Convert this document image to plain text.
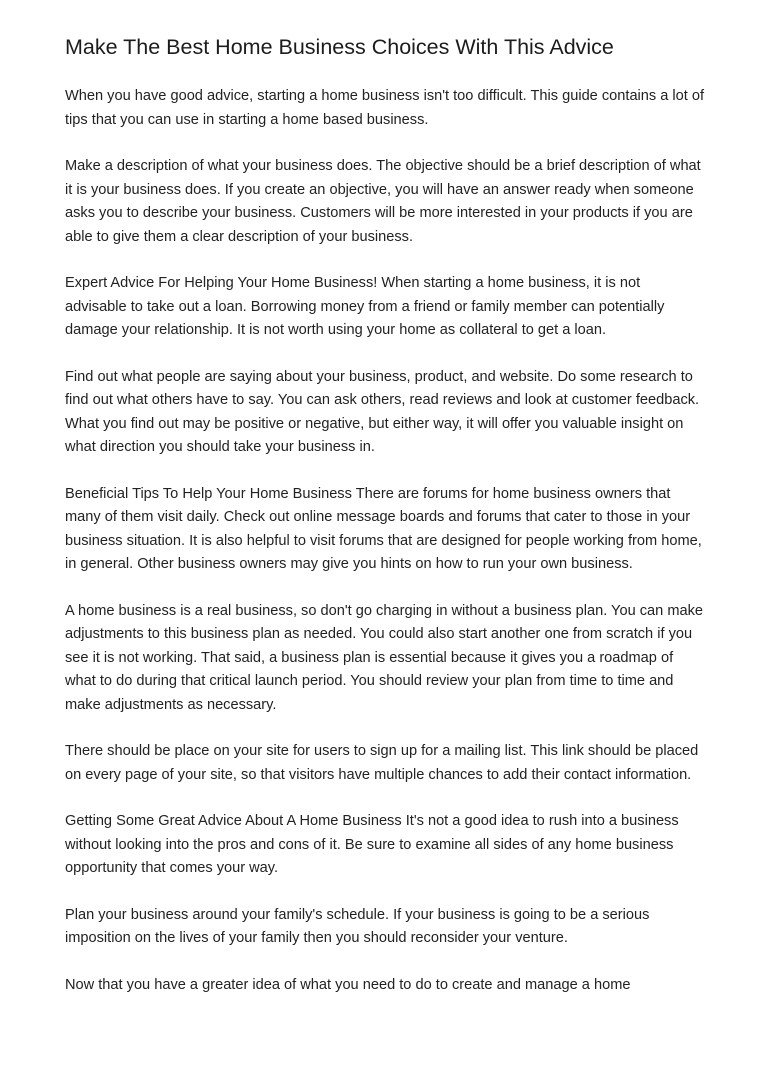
Make The Best Home Business Choices With This Advice

When you have good advice, starting a home business isn't too difficult. This guide contains a lot of tips that you can use in starting a home based business.

Make a description of what your business does. The objective should be a brief description of what it is your business does. If you create an objective, you will have an answer ready when someone asks you to describe your business. Customers will be more interested in your products if you are able to give them a clear description of your business.

Expert Advice For Helping Your Home Business! When starting a home business, it is not advisable to take out a loan. Borrowing money from a friend or family member can potentially damage your relationship. It is not worth using your home as collateral to get a loan.

Find out what people are saying about your business, product, and website. Do some research to find out what others have to say. You can ask others, read reviews and look at customer feedback. What you find out may be positive or negative, but either way, it will offer you valuable insight on what direction you should take your business in.

Beneficial Tips To Help Your Home Business There are forums for home business owners that many of them visit daily. Check out online message boards and forums that cater to those in your business situation. It is also helpful to visit forums that are designed for people working from home, in general. Other business owners may give you hints on how to run your own business.

A home business is a real business, so don't go charging in without a business plan. You can make adjustments to this business plan as needed. You could also start another one from scratch if you see it is not working. That said, a business plan is essential because it gives you a roadmap of what to do during that critical launch period. You should review your plan from time to time and make adjustments as necessary.

There should be place on your site for users to sign up for a mailing list. This link should be placed on every page of your site, so that visitors have multiple chances to add their contact information.

Getting Some Great Advice About A Home Business It's not a good idea to rush into a business without looking into the pros and cons of it. Be sure to examine all sides of any home business opportunity that comes your way.

Plan your business around your family's schedule. If your business is going to be a serious imposition on the lives of your family then you should reconsider your venture.

Now that you have a greater idea of what you need to do to create and manage a home
